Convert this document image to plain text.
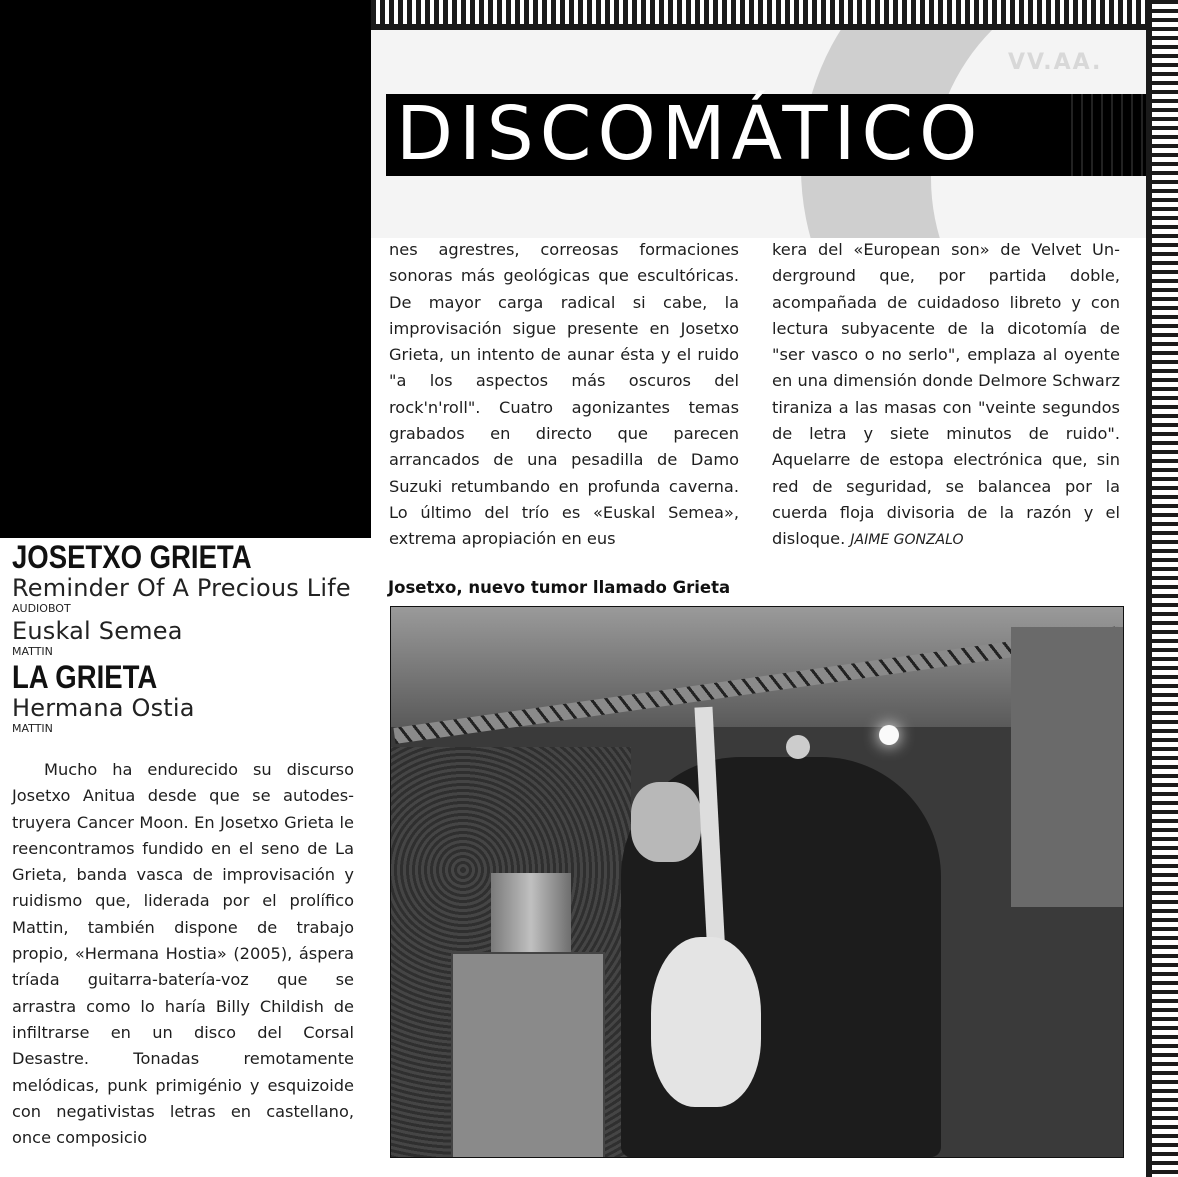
VV.AA.
DISCOMÁTICO
JOSETXO GRIETA
Reminder Of A Precious Life
AUDIOBOT
Euskal Semea
MATTIN
LA GRIETA
Hermana Ostia
MATTIN

Mucho ha endurecido su discurso Josetxo Anitua desde que se autodestruyera Cancer Moon. En Josetxo Grieta le reencontramos fundido en el seno de La Grieta, banda vasca de improvisación y ruidismo que, liderada por el prolífico Mattin, también dispone de trabajo propio, «Hermana Hostia» (2005), áspera tríada guitarra-batería-voz que se arrastra como lo haría Billy Childish de infiltrarse en un disco del Corsal Desastre. Tonadas remotamente melódicas, punk primigénio y esquizoide con negativistas letras en castellano, once composicio

nes agrestres, correosas formaciones sonoras más geológicas que escultóricas. De mayor carga radical si cabe, la improvisación sigue presente en Josetxo Grieta, un intento de aunar ésta y el ruido "a los aspectos más oscuros del rock'n'roll". Cuatro agonizantes temas grabados en directo que parecen arrancados de una pesadilla de Damo Suzuki retumbando en profunda caverna. Lo último del trío es «Euskal Semea», extrema apropiación en eus

kera del «European son» de Velvet Underground que, por partida doble, acompañada de cuidadoso libreto y con lectura subyacente de la dicotomía de "ser vasco o no serlo", emplaza al oyente en una dimensión donde Delmore Schwarz tiraniza a las masas con "veinte segundos de letra y siete minutos de ruido". Aquelarre de estopa electrónica que, sin red de seguridad, se balancea por la cuerda floja divisoria de la razón y el disloque. JAIME GONZALO

Josetxo, nuevo tumor llamado Grieta
